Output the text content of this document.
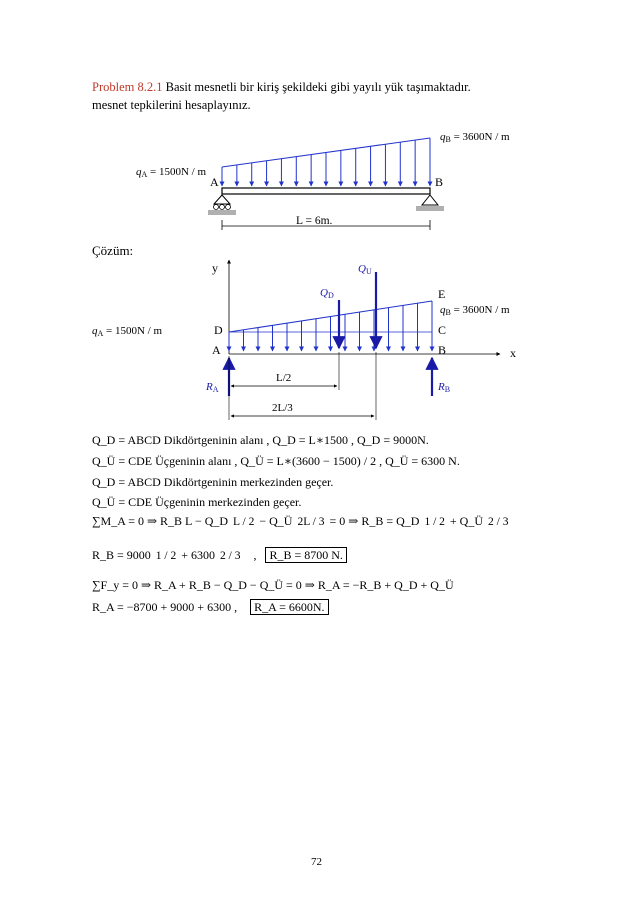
Problem 8.2.1 Basit mesnetli bir kiriş şekildeki gibi yayılı yük taşımaktadır.
mesnet tepkilerini hesaplayınız.
A	B
L = 6m.
qA = 1500N / m
qB = 3600N / m
Çözüm:
y
x
QU
QD	E
C
D
A	B
qA = 1500N / m
qB = 3600N / m
RA	RB
L/2
2L/3
Q_D = ABCD Dikdörtgeninin alanı , Q_D = L∗1500 , Q_D = 9000N.
Q_Ü = CDE Üçgeninin alanı , Q_Ü = L∗(3600 − 1500) / 2 , Q_Ü = 6300 N.
Q_D = ABCD Dikdörtgeninin merkezinden geçer.
Q_Ü = CDE Üçgeninin merkezinden geçer.
∑M_A = 0 ⇒ R_B L − Q_D L / 2 − Q_Ü 2L / 3 = 0 ⇒ R_B = Q_D 1 / 2 + Q_Ü 2 / 3
R_B = 9000 1 / 2 + 6300 2 / 3 , R_B = 8700 N.
∑F_y = 0 ⇒ R_A + R_B − Q_D − Q_Ü = 0 ⇒ R_A = −R_B + Q_D + Q_Ü
R_A = −8700 + 9000 + 6300 , R_A = 6600N.
72
